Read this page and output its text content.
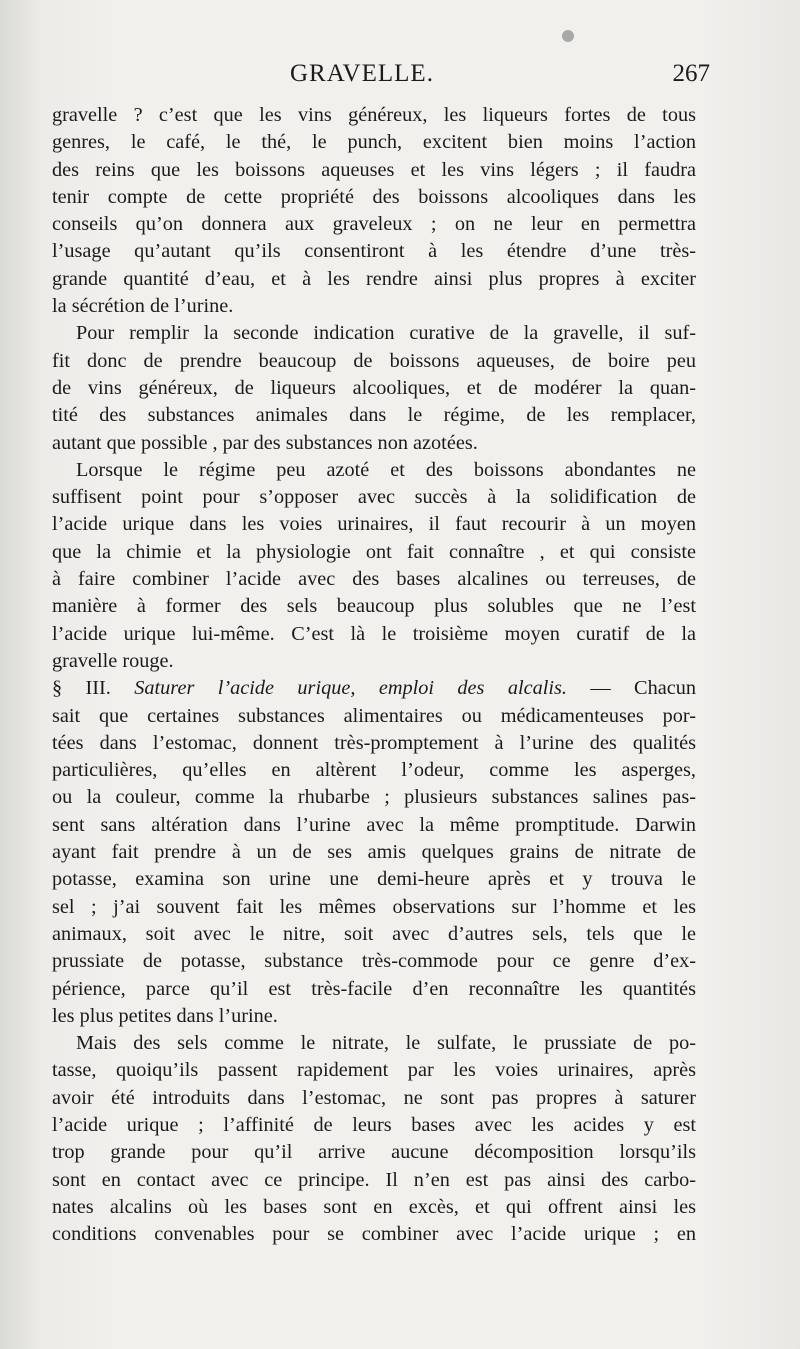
GRAVELLE.	267
gravelle ? c’est que les vins généreux, les liqueurs fortes de tous
genres, le café, le thé, le punch, excitent bien moins l’action
des reins que les boissons aqueuses et les vins légers ; il faudra
tenir compte de cette propriété des boissons alcooliques dans les
conseils qu’on donnera aux graveleux ; on ne leur en permettra
l’usage qu’autant qu’ils consentiront à les étendre d’une très-
grande quantité d’eau, et à les rendre ainsi plus propres à exciter
la sécrétion de l’urine.
Pour remplir la seconde indication curative de la gravelle, il suf-
fit donc de prendre beaucoup de boissons aqueuses, de boire peu
de vins généreux, de liqueurs alcooliques, et de modérer la quan-
tité des substances animales dans le régime, de les remplacer,
autant que possible , par des substances non azotées.
Lorsque le régime peu azoté et des boissons abondantes ne
suffisent point pour s’opposer avec succès à la solidification de
l’acide urique dans les voies urinaires, il faut recourir à un moyen
que la chimie et la physiologie ont fait connaître , et qui consiste
à faire combiner l’acide avec des bases alcalines ou terreuses, de
manière à former des sels beaucoup plus solubles que ne l’est
l’acide urique lui-même. C’est là le troisième moyen curatif de la
gravelle rouge.
§ III. Saturer l’acide urique, emploi des alcalis. — Chacun
sait que certaines substances alimentaires ou médicamenteuses por-
tées dans l’estomac, donnent très-promptement à l’urine des qualités
particulières, qu’elles en altèrent l’odeur, comme les asperges,
ou la couleur, comme la rhubarbe ; plusieurs substances salines pas-
sent sans altération dans l’urine avec la même promptitude. Darwin
ayant fait prendre à un de ses amis quelques grains de nitrate de
potasse, examina son urine une demi-heure après et y trouva le
sel ; j’ai souvent fait les mêmes observations sur l’homme et les
animaux, soit avec le nitre, soit avec d’autres sels, tels que le
prussiate de potasse, substance très-commode pour ce genre d’ex-
périence, parce qu’il est très-facile d’en reconnaître les quantités
les plus petites dans l’urine.
Mais des sels comme le nitrate, le sulfate, le prussiate de po-
tasse, quoiqu’ils passent rapidement par les voies urinaires, après
avoir été introduits dans l’estomac, ne sont pas propres à saturer
l’acide urique ; l’affinité de leurs bases avec les acides y est
trop grande pour qu’il arrive aucune décomposition lorsqu’ils
sont en contact avec ce principe. Il n’en est pas ainsi des carbo-
nates alcalins où les bases sont en excès, et qui offrent ainsi les
conditions convenables pour se combiner avec l’acide urique ; en
